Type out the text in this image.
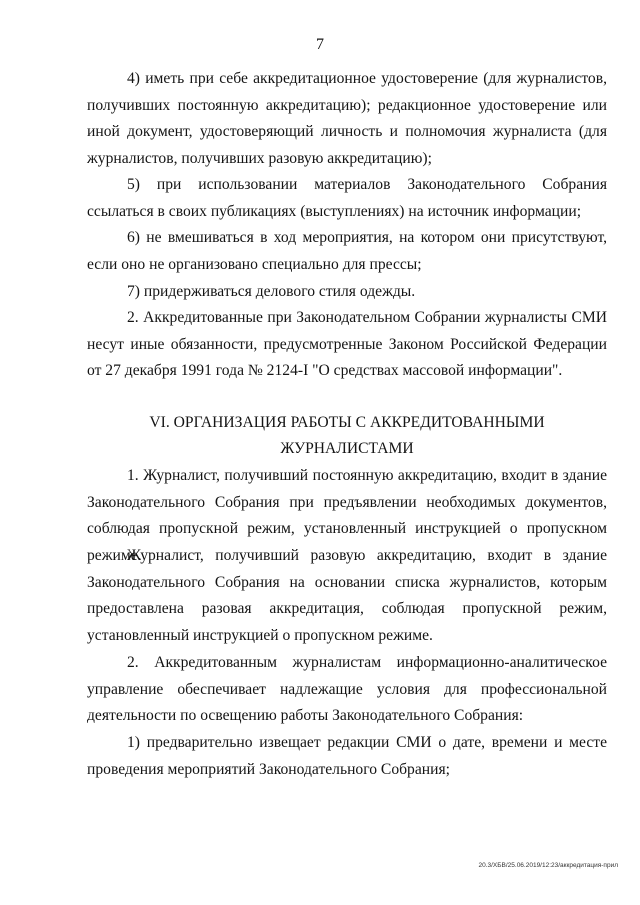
7

4) иметь при себе аккредитационное удостоверение (для журналистов, получивших постоянную аккредитацию); редакционное удостоверение или иной документ, удостоверяющий личность и полномочия журналиста (для журналистов, получивших разовую аккредитацию);

5) при использовании материалов Законодательного Собрания ссылаться в своих публикациях (выступлениях) на источник информации;

6) не вмешиваться в ход мероприятия, на котором они присутствуют, если оно не организовано специально для прессы;

7) придерживаться делового стиля одежды.

2. Аккредитованные при Законодательном Собрании журналисты СМИ несут иные обязанности, предусмотренные Законом Российской Федерации от 27 декабря 1991 года № 2124-I "О средствах массовой информации".

VI. ОРГАНИЗАЦИЯ РАБОТЫ С АККРЕДИТОВАННЫМИ

ЖУРНАЛИСТАМИ

1. Журналист, получивший постоянную аккредитацию, входит в здание Законодательного Собрания при предъявлении необходимых документов, соблюдая пропускной режим, установленный инструкцией о пропускном режиме.

Журналист, получивший разовую аккредитацию, входит в здание Законодательного Собрания на основании списка журналистов, которым предоставлена разовая аккредитация, соблюдая пропускной режим, установленный инструкцией о пропускном режиме.

2. Аккредитованным журналистам информационно-аналитическое управление обеспечивает надлежащие условия для профессиональной деятельности по освещению работы Законодательного Собрания:

1) предварительно извещает редакции СМИ о дате, времени и месте проведения мероприятий Законодательного Собрания;

20.3/ХБВ/25.06.2019/12:23/аккредитация-прил
